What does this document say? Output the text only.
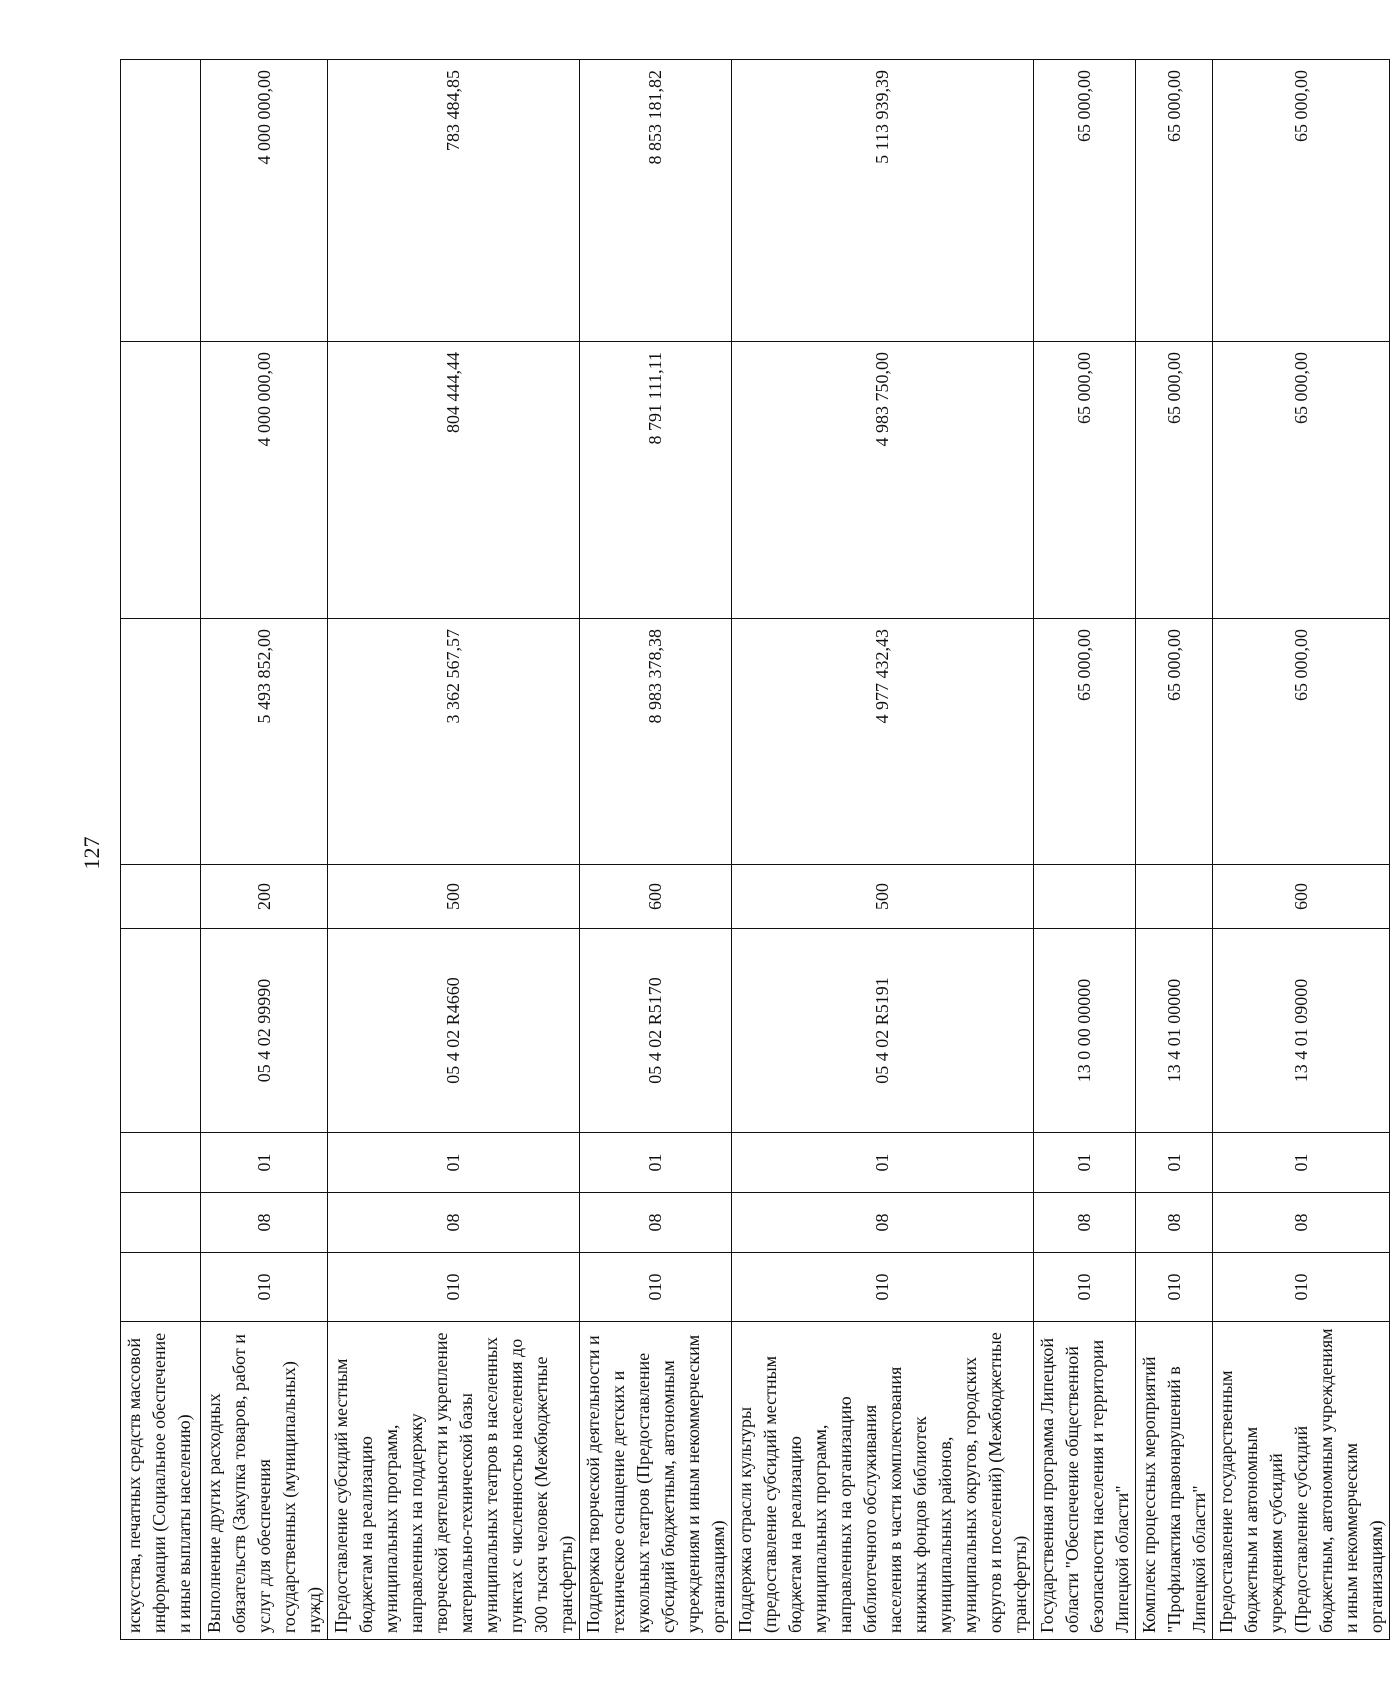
127
искусства, печатных средств массовой информации (Социальное обеспечение и иные выплаты населению)								
Выполнение других расходных обязательств (Закупка товаров, работ и услуг для обеспечения государственных (муниципальных) нужд)	010	08	01	05 4 02 99990	200	5 493 852,00	4 000 000,00	4 000 000,00
Предоставление субсидий местным бюджетам на реализацию муниципальных программ, направленных на поддержку творческой деятельности и укрепление материально-технической базы муниципальных театров в населенных пунктах с численностью населения до 300 тысяч человек (Межбюджетные трансферты)	010	08	01	05 4 02 R4660	500	3 362 567,57	804 444,44	783 484,85
Поддержка творческой деятельности и техническое оснащение детских и кукольных театров (Предоставление субсидий бюджетным, автономным учреждениям и иным некоммерческим организациям)	010	08	01	05 4 02 R5170	600	8 983 378,38	8 791 111,11	8 853 181,82
Поддержка отрасли культуры (предоставление субсидий местным бюджетам на реализацию муниципальных программ, направленных на организацию библиотечного обслуживания населения в части комплектования книжных фондов библиотек муниципальных районов, муниципальных округов, городских округов и поселений) (Межбюджетные трансферты)	010	08	01	05 4 02 R5191	500	4 977 432,43	4 983 750,00	5 113 939,39
Государственная программа Липецкой области "Обеспечение общественной безопасности населения и территории Липецкой области"	010	08	01	13 0 00 00000		65 000,00	65 000,00	65 000,00
Комплекс процессных мероприятий "Профилактика правонарушений в Липецкой области"	010	08	01	13 4 01 00000		65 000,00	65 000,00	65 000,00
Предоставление государственным бюджетным и автономным учреждениям субсидий (Предоставление субсидий бюджетным, автономным учреждениям и иным некоммерческим организациям)	010	08	01	13 4 01 09000	600	65 000,00	65 000,00	65 000,00
